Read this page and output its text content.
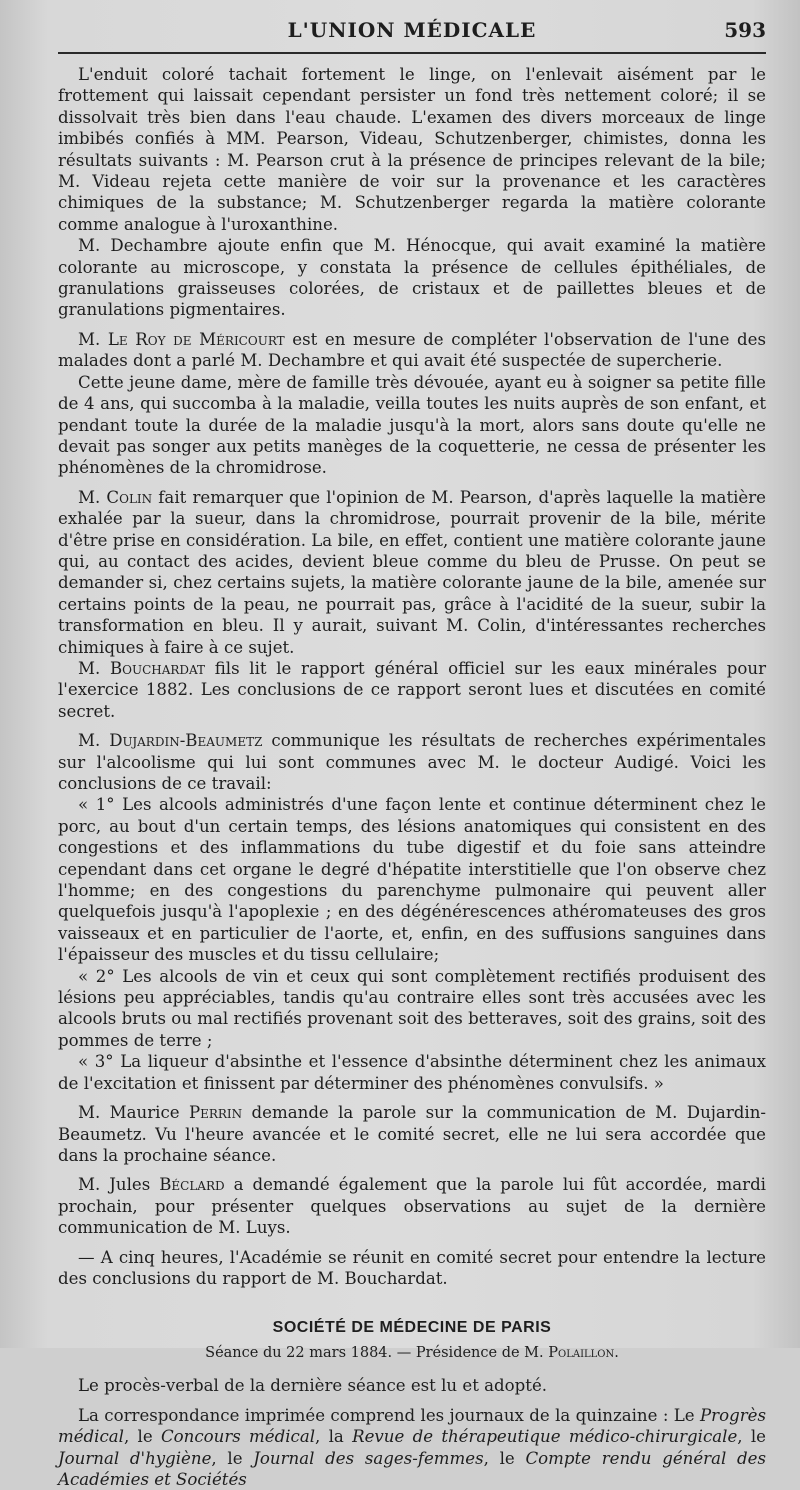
L'UNION MÉDICALE	593

L'enduit coloré tachait fortement le linge, on l'enlevait aisément par le frottement qui laissait cependant persister un fond très nettement coloré; il se dissolvait très bien dans l'eau chaude. L'examen des divers morceaux de linge imbibés confiés à MM. Pearson, Videau, Schutzenberger, chimistes, donna les résultats suivants : M. Pearson crut à la présence de principes relevant de la bile; M. Videau rejeta cette manière de voir sur la provenance et les caractères chimiques de la substance; M. Schutzenberger regarda la matière colorante comme analogue à l'uroxanthine.

M. Dechambre ajoute enfin que M. Hénocque, qui avait examiné la matière colorante au microscope, y constata la présence de cellules épithéliales, de granulations graisseuses colorées, de cristaux et de paillettes bleues et de granulations pigmentaires.

M. Le Roy de Méricourt est en mesure de compléter l'observation de l'une des malades dont a parlé M. Dechambre et qui avait été suspectée de supercherie.

Cette jeune dame, mère de famille très dévouée, ayant eu à soigner sa petite fille de 4 ans, qui succomba à la maladie, veilla toutes les nuits auprès de son enfant, et pendant toute la durée de la maladie jusqu'à la mort, alors sans doute qu'elle ne devait pas songer aux petits manèges de la coquetterie, ne cessa de présenter les phénomènes de la chromidrose.

M. Colin fait remarquer que l'opinion de M. Pearson, d'après laquelle la matière exhalée par la sueur, dans la chromidrose, pourrait provenir de la bile, mérite d'être prise en considération. La bile, en effet, contient une matière colorante jaune qui, au contact des acides, devient bleue comme du bleu de Prusse. On peut se demander si, chez certains sujets, la matière colorante jaune de la bile, amenée sur certains points de la peau, ne pourrait pas, grâce à l'acidité de la sueur, subir la transformation en bleu. Il y aurait, suivant M. Colin, d'intéressantes recherches chimiques à faire à ce sujet.

M. Bouchardat fils lit le rapport général officiel sur les eaux minérales pour l'exercice 1882. Les conclusions de ce rapport seront lues et discutées en comité secret.

M. Dujardin-Beaumetz communique les résultats de recherches expérimentales sur l'alcoolisme qui lui sont communes avec M. le docteur Audigé. Voici les conclusions de ce travail:

« 1° Les alcools administrés d'une façon lente et continue déterminent chez le porc, au bout d'un certain temps, des lésions anatomiques qui consistent en des congestions et des inflammations du tube digestif et du foie sans atteindre cependant dans cet organe le degré d'hépatite interstitielle que l'on observe chez l'homme; en des congestions du parenchyme pulmonaire qui peuvent aller quelquefois jusqu'à l'apoplexie ; en des dégénérescences athéromateuses des gros vaisseaux et en particulier de l'aorte, et, enfin, en des suffusions sanguines dans l'épaisseur des muscles et du tissu cellulaire;

« 2° Les alcools de vin et ceux qui sont complètement rectifiés produisent des lésions peu appréciables, tandis qu'au contraire elles sont très accusées avec les alcools bruts ou mal rectifiés provenant soit des betteraves, soit des grains, soit des pommes de terre ;

« 3° La liqueur d'absinthe et l'essence d'absinthe déterminent chez les animaux de l'excitation et finissent par déterminer des phénomènes convulsifs. »

M. Maurice Perrin demande la parole sur la communication de M. Dujardin-Beaumetz. Vu l'heure avancée et le comité secret, elle ne lui sera accordée que dans la prochaine séance.

M. Jules Béclard a demandé également que la parole lui fût accordée, mardi prochain, pour présenter quelques observations au sujet de la dernière communication de M. Luys.

— A cinq heures, l'Académie se réunit en comité secret pour entendre la lecture des conclusions du rapport de M. Bouchardat.

SOCIÉTÉ DE MÉDECINE DE PARIS
Séance du 22 mars 1884. — Présidence de M. Polaillon.

Le procès-verbal de la dernière séance est lu et adopté.

La correspondance imprimée comprend les journaux de la quinzaine : Le Progrès médical, le Concours médical, la Revue de thérapeutique médico-chirurgicale, le Journal d'hygiène, le Journal des sages-femmes, le Compte rendu général des Académies et Sociétés
